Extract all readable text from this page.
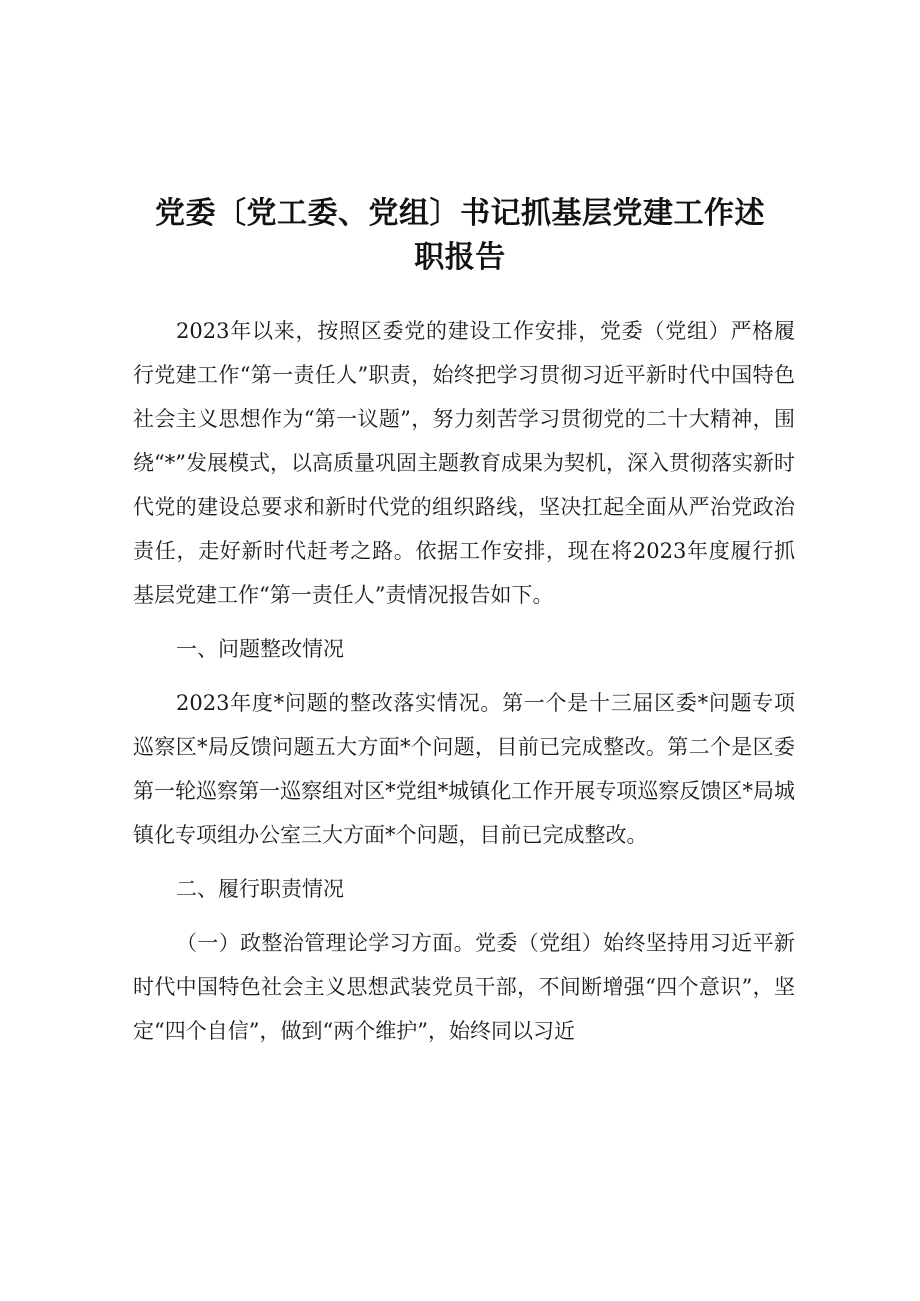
党委〔党工委、党组〕书记抓基层党建工作述
职报告

2023年以来，按照区委党的建设工作安排，党委（党组）严格履行党建工作“第一责任人”职责，始终把学习贯彻习近平新时代中国特色社会主义思想作为“第一议题”，努力刻苦学习贯彻党的二十大精神，围绕“*”发展模式，以高质量巩固主题教育成果为契机，深入贯彻落实新时代党的建设总要求和新时代党的组织路线，坚决扛起全面从严治党政治责任，走好新时代赶考之路。依据工作安排，现在将2023年度履行抓基层党建工作“第一责任人”责情况报告如下。

一、问题整改情况

2023年度*问题的整改落实情况。第一个是十三届区委*问题专项巡察区*局反馈问题五大方面*个问题，目前已完成整改。第二个是区委第一轮巡察第一巡察组对区*党组*城镇化工作开展专项巡察反馈区*局城镇化专项组办公室三大方面*个问题，目前已完成整改。

二、履行职责情况

（一）政整治管理论学习方面。党委（党组）始终坚持用习近平新时代中国特色社会主义思想武装党员干部，不间断增强“四个意识”，坚定“四个自信”，做到“两个维护”，始终同以习近
